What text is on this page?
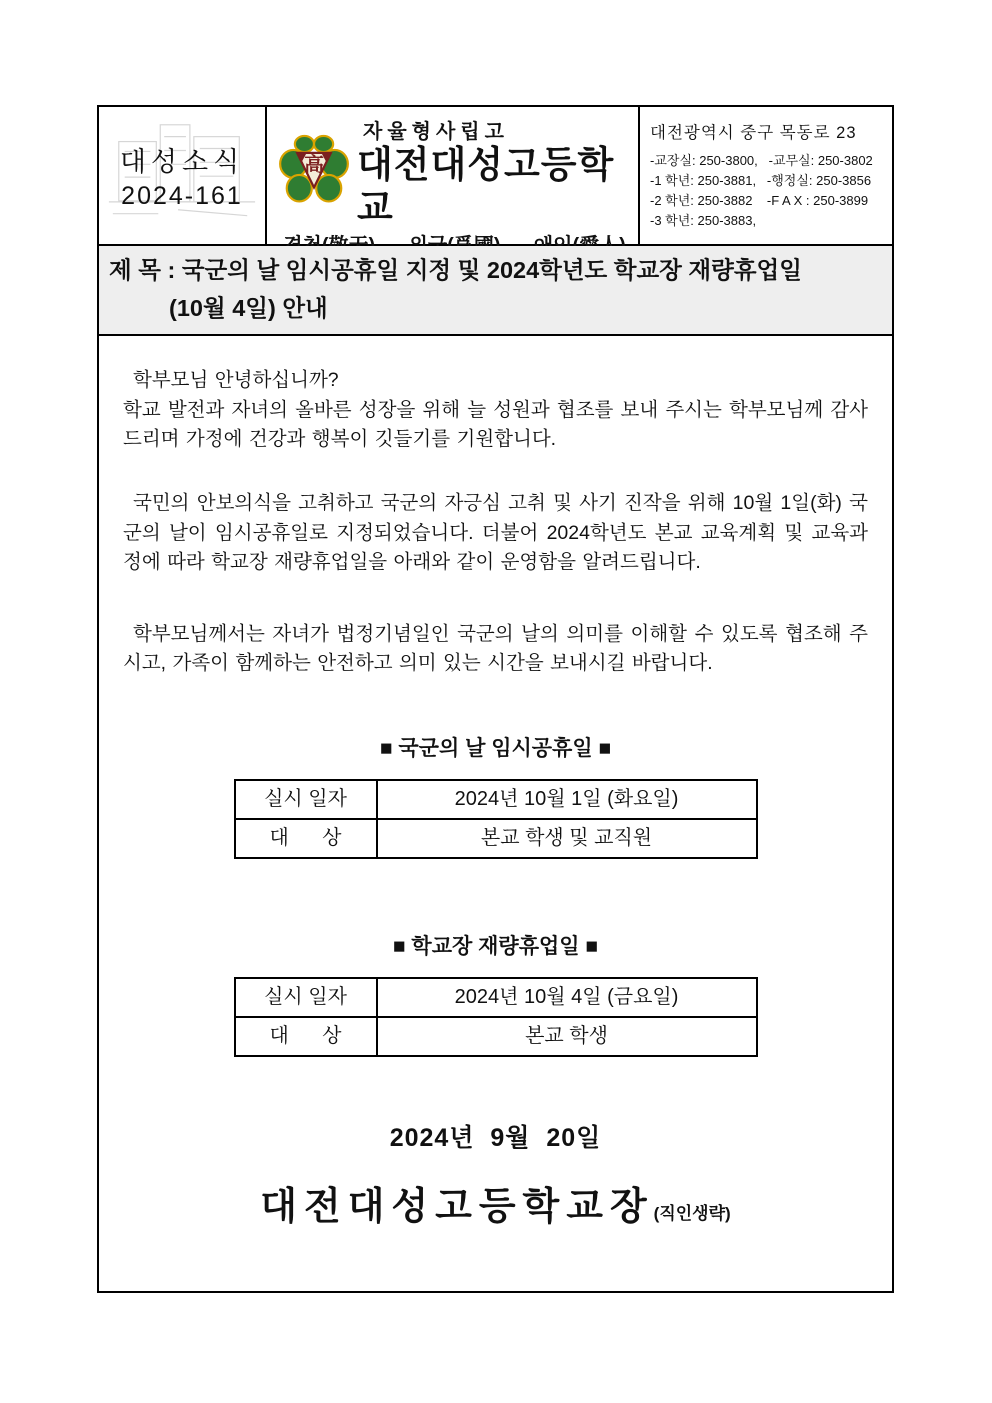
대성소식
2024-161
高
자율형사립고
대전대성고등학교
대전광역시 중구 목동로 23
-교장실: 250-3800,   -교무실: 250-3802
-1 학년: 250-3881,   -행정실: 250-3856
-2 학년: 250-3882    -F A X : 250-3899
-3 학년: 250-3883,
제 목 : 국군의 날 임시공휴일 지정 및 2024학년도 학교장 재량휴업일
(10월 4일) 안내

학부모님 안녕하십니까?

학교 발전과 자녀의 올바른 성장을 위해 늘 성원과 협조를 보내 주시는 학부모님께 감사드리며 가정에 건강과 행복이 깃들기를 기원합니다.

국민의 안보의식을 고취하고 국군의 자긍심 고취 및 사기 진작을 위해 10월 1일(화) 국군의 날이 임시공휴일로 지정되었습니다. 더불어 2024학년도 본교 교육계획 및 교육과정에 따라 학교장 재량휴업일을 아래와 같이 운영함을 알려드립니다.

학부모님께서는 자녀가 법정기념일인 국군의 날의 의미를 이해할 수 있도록 협조해 주시고, 가족이 함께하는 안전하고 의미 있는 시간을 보내시길 바랍니다.

■ 국군의 날 임시공휴일 ■
실시 일자	2024년 10월 1일 (화요일)
대      상	본교 학생 및 교직원
■ 학교장 재량휴업일 ■
실시 일자	2024년 10월 4일 (금요일)
대      상	본교 학생
2024년  9월  20일
대전대성고등학교장(직인생략)
